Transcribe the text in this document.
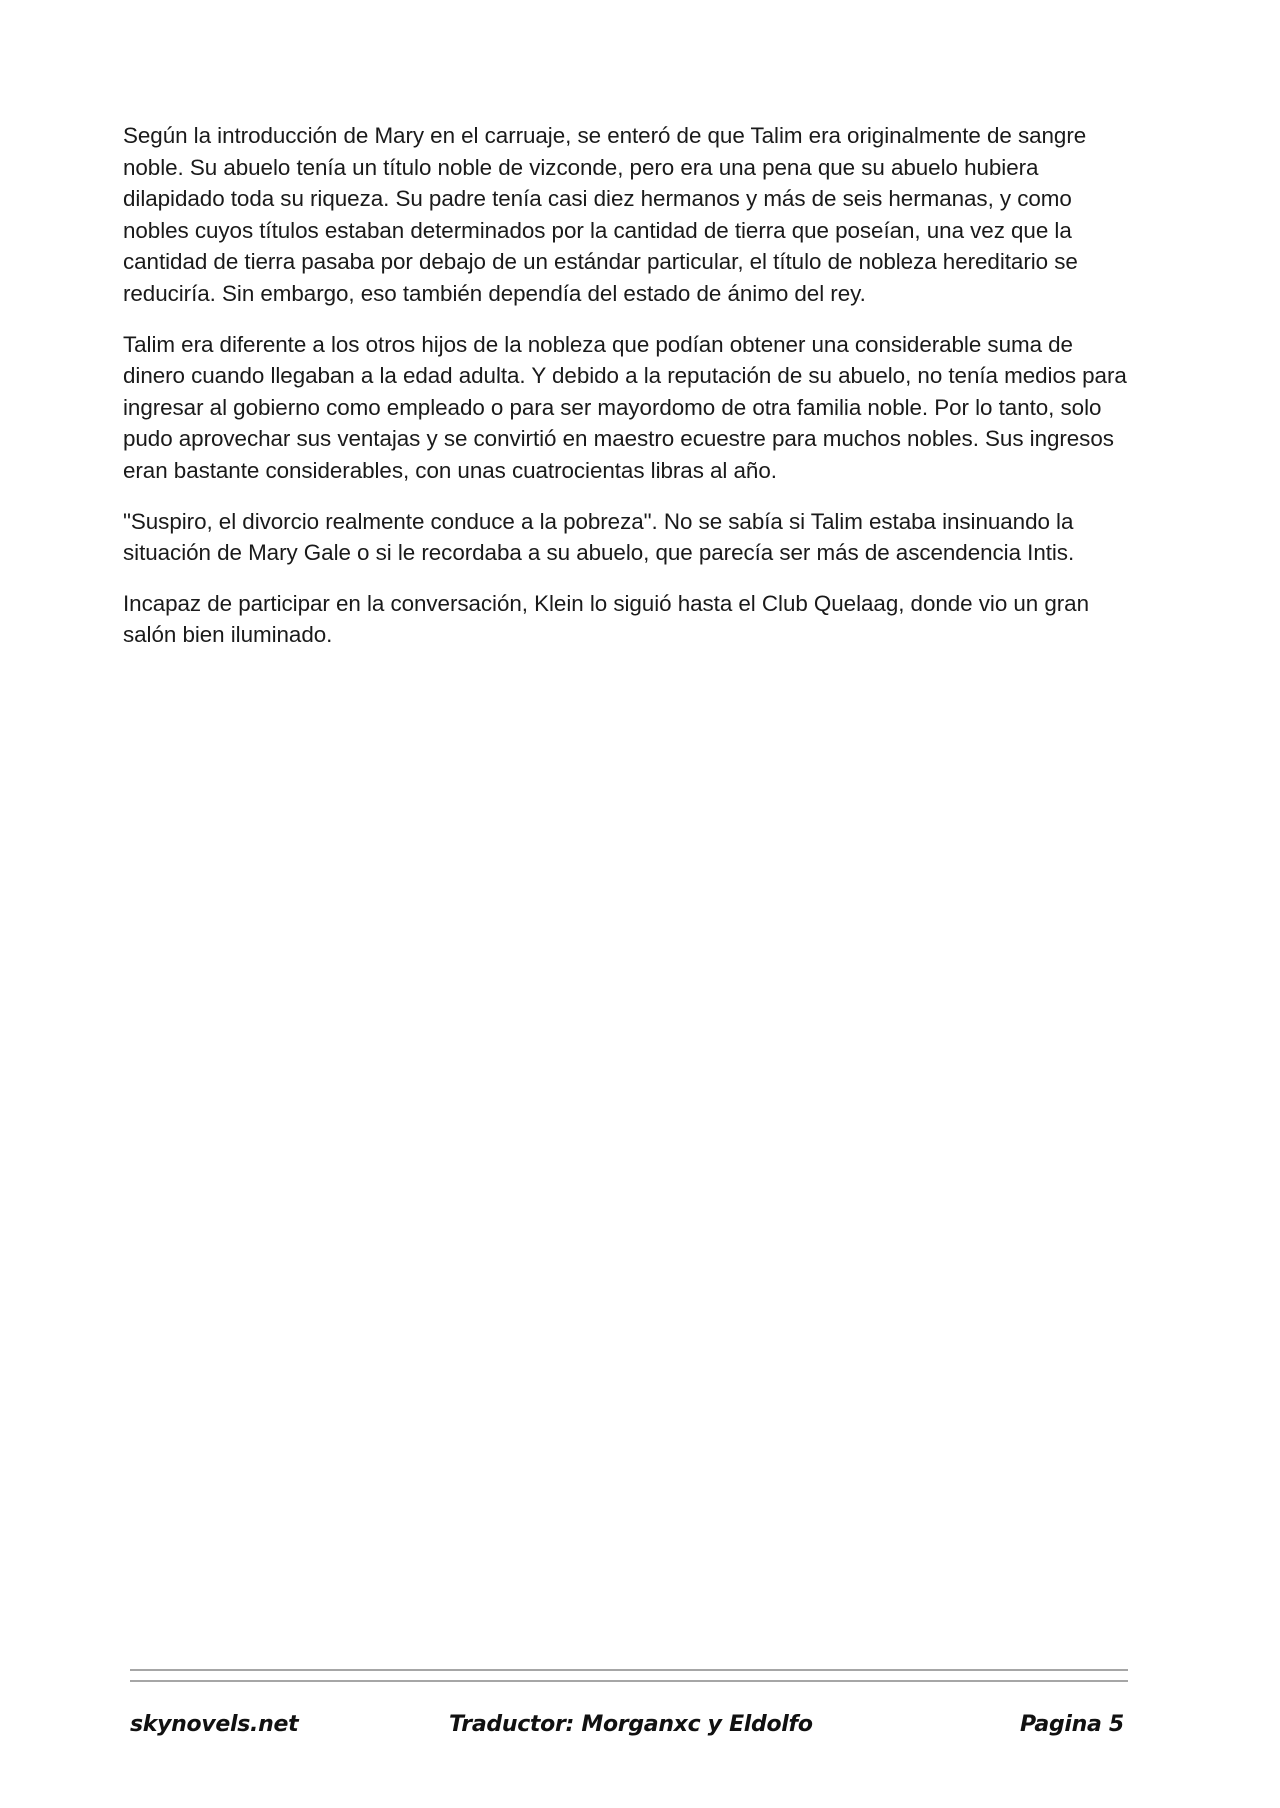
Según la introducción de Mary en el carruaje, se enteró de que Talim era originalmente de sangre noble. Su abuelo tenía un título noble de vizconde, pero era una pena que su abuelo hubiera dilapidado toda su riqueza. Su padre tenía casi diez hermanos y más de seis hermanas, y como nobles cuyos títulos estaban determinados por la cantidad de tierra que poseían, una vez que la cantidad de tierra pasaba por debajo de un estándar particular, el título de nobleza hereditario se reduciría. Sin embargo, eso también dependía del estado de ánimo del rey.

Talim era diferente a los otros hijos de la nobleza que podían obtener una considerable suma de dinero cuando llegaban a la edad adulta. Y debido a la reputación de su abuelo, no tenía medios para ingresar al gobierno como empleado o para ser mayordomo de otra familia noble. Por lo tanto, solo pudo aprovechar sus ventajas y se convirtió en maestro ecuestre para muchos nobles. Sus ingresos eran bastante considerables, con unas cuatrocientas libras al año.

"Suspiro, el divorcio realmente conduce a la pobreza". No se sabía si Talim estaba insinuando la situación de Mary Gale o si le recordaba a su abuelo, que parecía ser más de ascendencia Intis.

Incapaz de participar en la conversación, Klein lo siguió hasta el Club Quelaag, donde vio un gran salón bien iluminado.

skynovels.net	Traductor: Morganxc y Eldolfo	Pagina 5
